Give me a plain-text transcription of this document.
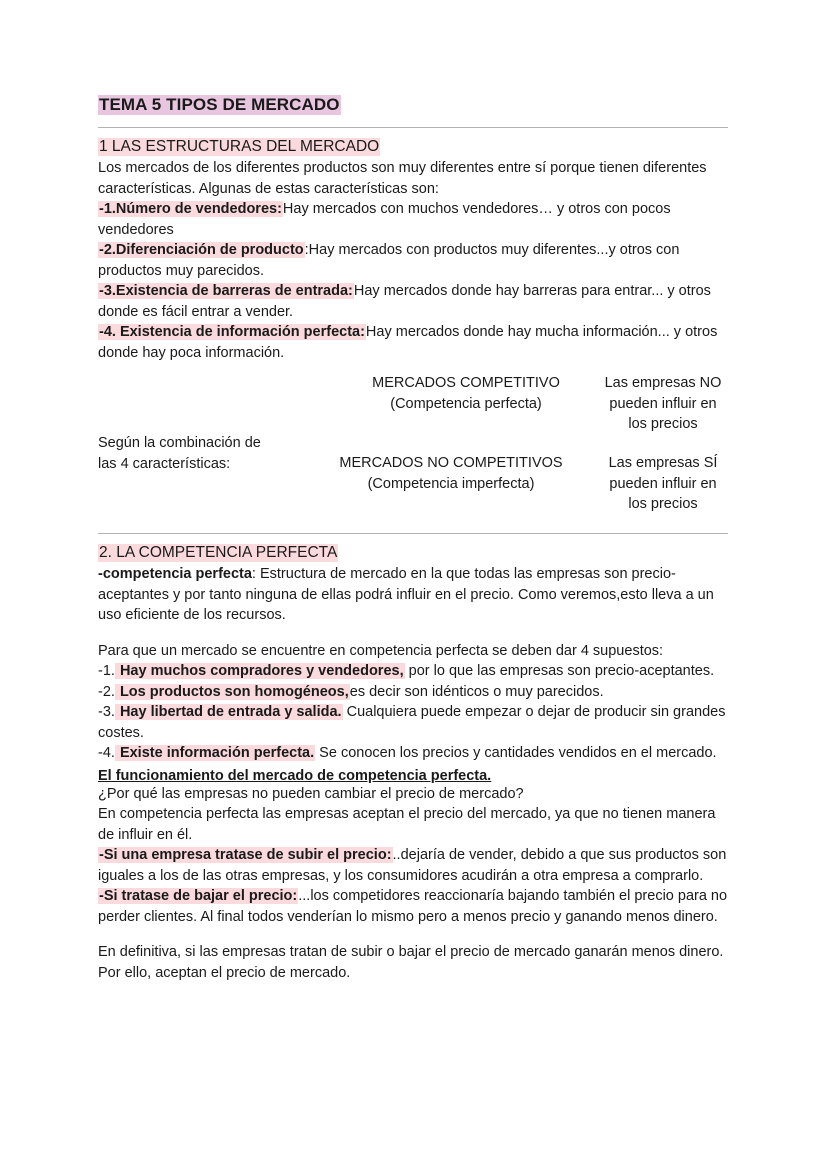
TEMA 5 TIPOS DE MERCADO
1 LAS ESTRUCTURAS DEL MERCADO

Los mercados de los diferentes productos son muy diferentes entre sí porque tienen diferentes características. Algunas de estas características son:

-1.Número de vendedores:Hay mercados con muchos vendedores… y otros con pocos vendedores

-2.Diferenciación de producto:Hay mercados con productos muy diferentes...y otros con productos muy parecidos.

-3.Existencia de barreras de entrada:Hay mercados donde hay barreras para entrar... y otros donde es fácil entrar a vender.

-4. Existencia de información perfecta:Hay mercados donde hay mucha información... y otros donde hay poca información.

MERCADOS COMPETITIVO
(Competencia perfecta)
Las empresas NO
pueden influir en
los precios
Según la combinación de
las 4 características:	MERCADOS NO COMPETITIVOS
(Competencia imperfecta)
Las empresas SÍ
pueden influir en
los precios
2. LA COMPETENCIA PERFECTA

-competencia perfecta: Estructura de mercado en la que todas las empresas son precio-aceptantes y por tanto ninguna de ellas podrá influir en el precio. Como veremos,esto lleva a un uso eficiente de los recursos.

Para que un mercado se encuentre en competencia perfecta se deben dar 4 supuestos:

-1. Hay muchos compradores y vendedores, por lo que las empresas son precio-aceptantes.

-2. Los productos son homogéneos,es decir son idénticos o muy parecidos.

-3. Hay libertad de entrada y salida. Cualquiera puede empezar o dejar de producir sin grandes costes.

-4. Existe información perfecta. Se conocen los precios y cantidades vendidos en el mercado.

El funcionamiento del mercado de competencia perfecta.

¿Por qué las empresas no pueden cambiar el precio de mercado?

En competencia perfecta las empresas aceptan el precio del mercado, ya que no tienen manera de influir en él.

-Si una empresa tratase de subir el precio:..dejaría de vender, debido a que sus productos son iguales a los de las otras empresas, y los consumidores acudirán a otra empresa a comprarlo.

-Si tratase de bajar el precio:...los competidores reaccionaría bajando también el precio para no perder clientes. Al final todos venderían lo mismo pero a menos precio y ganando menos dinero.

En definitiva, si las empresas tratan de subir o bajar el precio de mercado ganarán menos dinero. Por ello, aceptan el precio de mercado.
